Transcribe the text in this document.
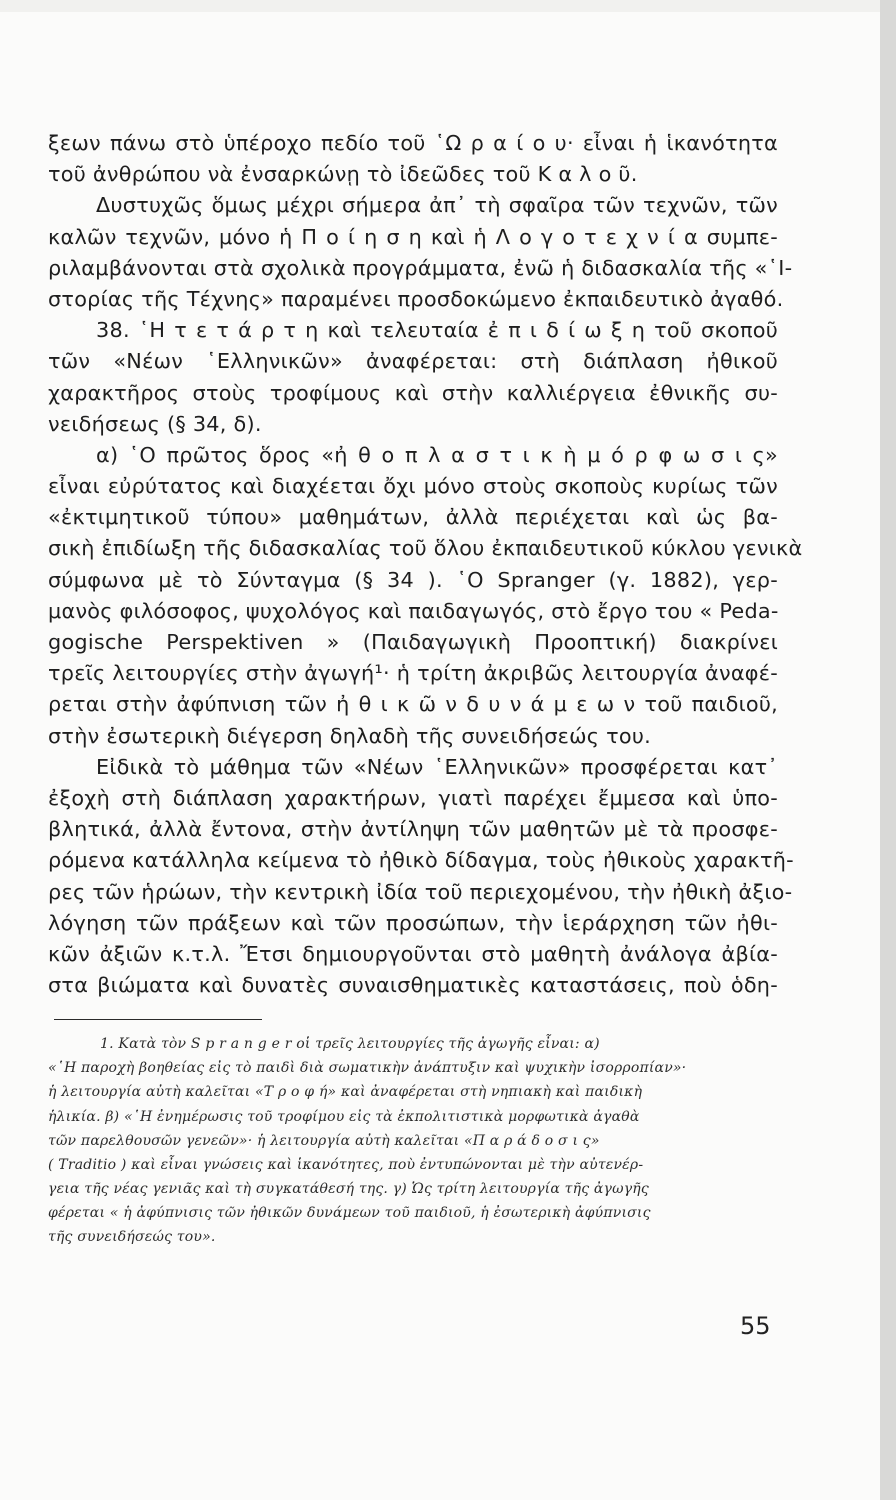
ξεων πάνω στὸ ὑπέροχο πεδίο τοῦ ῾Ω ρ α ί ο υ· εἶναι ἡ ἱκανότητα
τοῦ ἀνθρώπου νὰ ἐνσαρκώνῃ τὸ ἰδεῶδες τοῦ Κ α λ ο ῦ.
Δυστυχῶς ὅμως μέχρι σήμερα ἀπ᾿ τὴ σφαῖρα τῶν τεχνῶν, τῶν
καλῶν τεχνῶν, μόνο ἡ Π ο ί η σ η καὶ ἡ Λ ο γ ο τ ε χ ν ί α συμπε-
ριλαμβάνονται στὰ σχολικὰ προγράμματα, ἐνῶ ἡ διδασκαλία τῆς «῾Ι-
στορίας τῆς Τέχνης» παραμένει προσδοκώμενο ἐκπαιδευτικὸ ἀγαθό.
38. ῾Η τ ε τ ά ρ τ η καὶ τελευταία ἐ π ι δ ί ω ξ η τοῦ σκοποῦ
τῶν «Νέων ῾Ελληνικῶν» ἀναφέρεται: στὴ διάπλαση ἠθικοῦ
χαρακτῆρος στοὺς τροφίμους καὶ στὴν καλλιέργεια ἐθνικῆς συ-
νειδήσεως (§ 34, δ).
α) ῾Ο πρῶτος ὅρος «ἠ θ ο π λ α σ τ ι κ ὴ μ ό ρ φ ω σ ι ς»
εἶναι εὐρύτατος καὶ διαχέεται ὄχι μόνο στοὺς σκοποὺς κυρίως τῶν
«ἐκτιμητικοῦ τύπου» μαθημάτων, ἀλλὰ περιέχεται καὶ ὡς βα-
σικὴ ἐπιδίωξη τῆς διδασκαλίας τοῦ ὅλου ἐκπαιδευτικοῦ κύκλου γενικὰ
σύμφωνα μὲ τὸ Σύνταγμα (§ 34 ). ῾Ο Spranger (γ. 1882), γερ-
μανὸς φιλόσοφος, ψυχολόγος καὶ παιδαγωγός, στὸ ἔργο του « Peda-
gogische Perspektiven » (Παιδαγωγικὴ Προοπτική) διακρίνει
τρεῖς λειτουργίες στὴν ἀγωγή¹· ἡ τρίτη ἀκριβῶς λειτουργία ἀναφέ-
ρεται στὴν ἀφύπνιση τῶν ἠ θ ι κ ῶ ν δ υ ν ά μ ε ω ν τοῦ παιδιοῦ,
στὴν ἐσωτερικὴ διέγερση δηλαδὴ τῆς συνειδήσεώς του.
Εἰδικὰ τὸ μάθημα τῶν «Νέων ῾Ελληνικῶν» προσφέρεται κατ᾿
ἐξοχὴ στὴ διάπλαση χαρακτήρων, γιατὶ παρέχει ἔμμεσα καὶ ὑπο-
βλητικά, ἀλλὰ ἔντονα, στὴν ἀντίληψη τῶν μαθητῶν μὲ τὰ προσφε-
ρόμενα κατάλληλα κείμενα τὸ ἠθικὸ δίδαγμα, τοὺς ἠθικοὺς χαρακτῆ-
ρες τῶν ἡρώων, τὴν κεντρικὴ ἰδία τοῦ περιεχομένου, τὴν ἠθικὴ ἀξιο-
λόγηση τῶν πράξεων καὶ τῶν προσώπων, τὴν ἱεράρχηση τῶν ἠθι-
κῶν ἀξιῶν κ.τ.λ. Ἔτσι δημιουργοῦνται στὸ μαθητὴ ἀνάλογα ἀβία-
στα βιώματα καὶ δυνατὲς συναισθηματικὲς καταστάσεις, ποὺ ὁδη-
1. Κατὰ τὸν S p r a n g e r οἱ τρεῖς λειτουργίες τῆς ἀγωγῆς εἶναι: α)
«῾Η παροχὴ βοηθείας εἰς τὸ παιδὶ διὰ σωματικὴν ἀνάπτυξιν καὶ ψυχικὴν ἰσορροπίαν»·
ἡ λειτουργία αὐτὴ καλεῖται «Τ ρ ο φ ή» καὶ ἀναφέρεται στὴ νηπιακὴ καὶ παιδικὴ
ἡλικία. β) «῾Η ἐνημέρωσις τοῦ τροφίμου εἰς τὰ ἐκπολιτιστικὰ μορφωτικὰ ἀγαθὰ
τῶν παρελθουσῶν γενεῶν»· ἡ λειτουργία αὐτὴ καλεῖται «Π α ρ ά δ ο σ ι ς»
( Traditio ) καὶ εἶναι γνώσεις καὶ ἱκανότητες, ποὺ ἐντυπώνονται μὲ τὴν αὐτενέρ-
γεια τῆς νέας γενιᾶς καὶ τὴ συγκατάθεσή της. γ) Ὡς τρίτη λειτουργία τῆς ἀγωγῆς
φέρεται « ἡ ἀφύπνισις τῶν ἠθικῶν δυνάμεων τοῦ παιδιοῦ, ἡ ἐσωτερικὴ ἀφύπνισις
τῆς συνειδήσεώς του».
55
